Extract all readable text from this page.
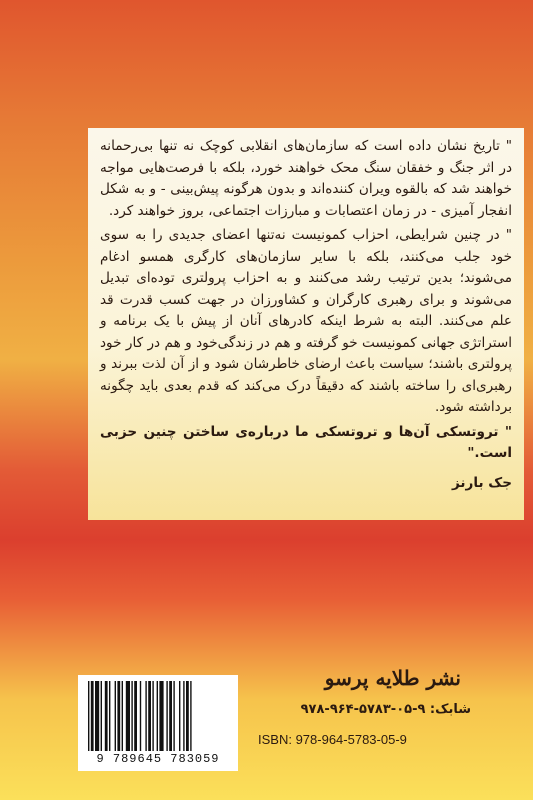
" تاریخ نشان داده است که سازمان‌های انقلابی کوچک نه تنها بی‌رحمانه در اثر جنگ و خفقان سنگ محک خواهند خورد، بلکه با فرصت‌هایی مواجه خواهند شد که بالقوه ویران کننده‌اند و بدون هرگونه پیش‌بینی - و به شکل انفجار آمیزی - در زمان اعتصابات و مبارزات اجتماعی، بروز خواهند کرد.

" در چنین شرایطی، احزاب کمونیست نه‌تنها اعضای جدیدی را به سوی خود جلب می‌کنند، بلکه با سایر سازمان‌های کارگری همسو ادغام می‌شوند؛ بدین ترتیب رشد می‌کنند و به احزاب پرولتری توده‌ای تبدیل می‌شوند و برای رهبری کارگران و کشاورزان در جهت کسب قدرت قد علم می‌کنند. البته به شرط اینکه کادرهای آنان از پیش با یک برنامه و استراتژی جهانی کمونیست خو گرفته و هم در زندگی‌خود و هم در کار خود پرولتری باشند؛ سیاست باعث ارضای خاطرشان شود و از آن لذت ببرند و رهبری‌ای را ساخته باشند که دقیقاً درک می‌کند که قدم بعدی باید چگونه برداشته شود.

" تروتسکی آن‌ها و تروتسکی ما درباره‌ی ساختن چنین حزبی است."

جک بارنز
9 789645 783059
نشر طلایه پرسو
شابک: ۹-۰۵-۵۷۸۳-۹۶۴-۹۷۸
ISBN: 978-964-5783-05-9
